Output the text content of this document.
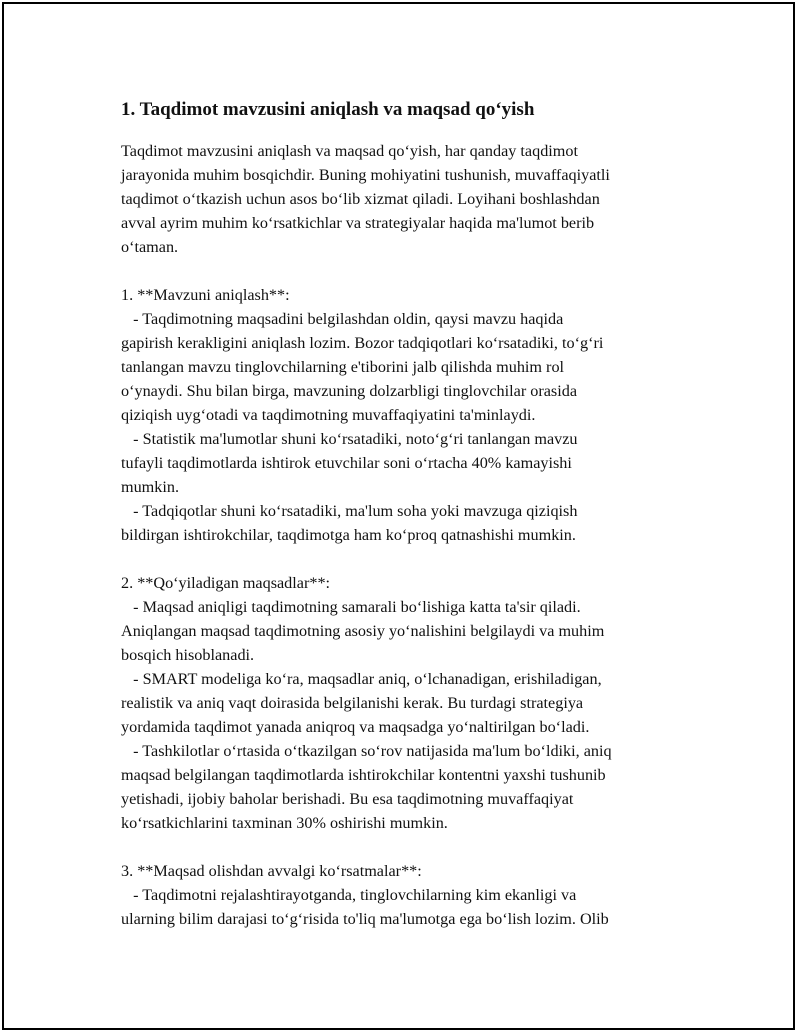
1. Taqdimot mavzusini aniqlash va maqsad qo‘yish

Taqdimot mavzusini aniqlash va maqsad qo‘yish, har qanday taqdimot
jarayonida muhim bosqichdir. Buning mohiyatini tushunish, muvaffaqiyatli
taqdimot o‘tkazish uchun asos bo‘lib xizmat qiladi. Loyihani boshlashdan
avval ayrim muhim ko‘rsatkichlar va strategiyalar haqida ma'lumot berib
o‘taman.

1. **Mavzuni aniqlash**:
- Taqdimotning maqsadini belgilashdan oldin, qaysi mavzu haqida
gapirish kerakligini aniqlash lozim. Bozor tadqiqotlari ko‘rsatadiki, to‘g‘ri
tanlangan mavzu tinglovchilarning e'tiborini jalb qilishda muhim rol
o‘ynaydi. Shu bilan birga, mavzuning dolzarbligi tinglovchilar orasida
qiziqish uyg‘otadi va taqdimotning muvaffaqiyatini ta'minlaydi.
- Statistik ma'lumotlar shuni ko‘rsatadiki, noto‘g‘ri tanlangan mavzu
tufayli taqdimotlarda ishtirok etuvchilar soni o‘rtacha 40% kamayishi
mumkin.
- Tadqiqotlar shuni ko‘rsatadiki, ma'lum soha yoki mavzuga qiziqish
bildirgan ishtirokchilar, taqdimotga ham ko‘proq qatnashishi mumkin.

2. **Qo‘yiladigan maqsadlar**:
- Maqsad aniqligi taqdimotning samarali bo‘lishiga katta ta'sir qiladi.
Aniqlangan maqsad taqdimotning asosiy yo‘nalishini belgilaydi va muhim
bosqich hisoblanadi.
- SMART modeliga ko‘ra, maqsadlar aniq, o‘lchanadigan, erishiladigan,
realistik va aniq vaqt doirasida belgilanishi kerak. Bu turdagi strategiya
yordamida taqdimot yanada aniqroq va maqsadga yo‘naltirilgan bo‘ladi.
- Tashkilotlar o‘rtasida o‘tkazilgan so‘rov natijasida ma'lum bo‘ldiki, aniq
maqsad belgilangan taqdimotlarda ishtirokchilar kontentni yaxshi tushunib
yetishadi, ijobiy baholar berishadi. Bu esa taqdimotning muvaffaqiyat
ko‘rsatkichlarini taxminan 30% oshirishi mumkin.

3. **Maqsad olishdan avvalgi ko‘rsatmalar**:
- Taqdimotni rejalashtirayotganda, tinglovchilarning kim ekanligi va
ularning bilim darajasi to‘g‘risida to'liq ma'lumotga ega bo‘lish lozim. Olib
